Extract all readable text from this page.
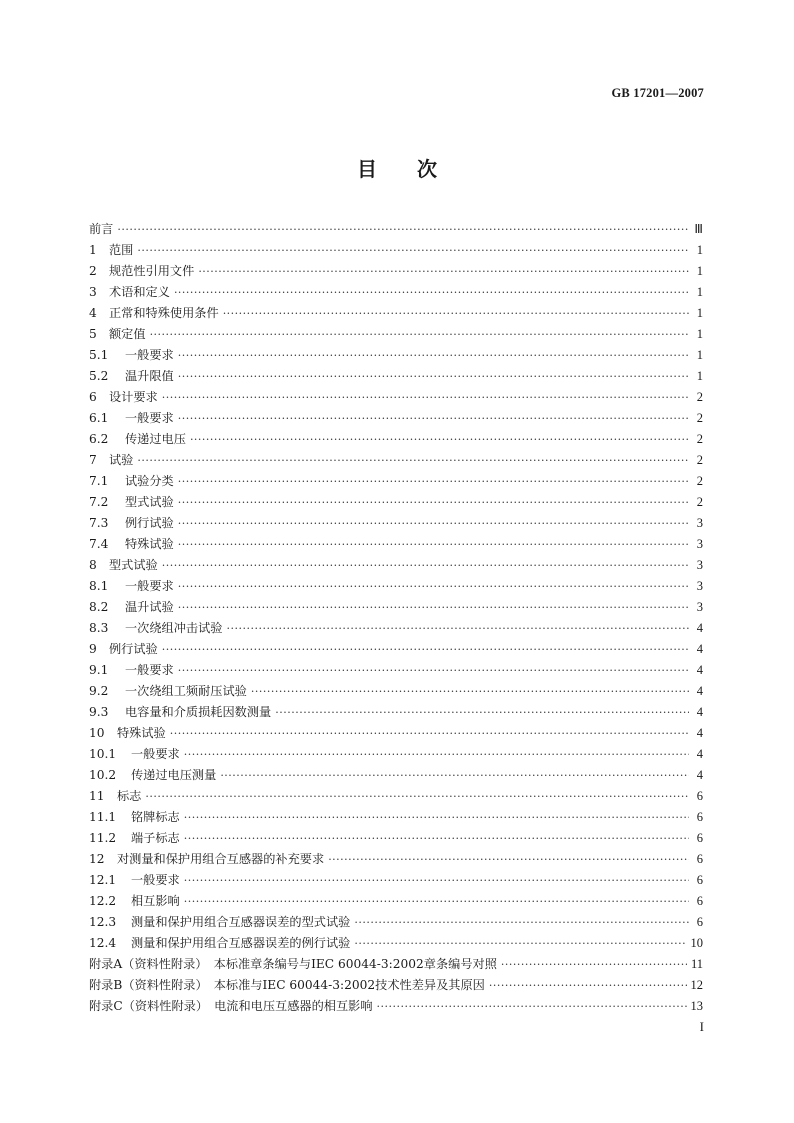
GB 17201—2007
目　　次
前言 ·····	Ⅲ
1	范围 ·····	1
2	规范性引用文件 ·····	1
3	术语和定义 ·····	1
4	正常和特殊使用条件 ·····	1
5	额定值 ·····	1
5.1	一般要求 ·····	1
5.2	温升限值 ·····	1
6	设计要求 ·····	2
6.1	一般要求 ·····	2
6.2	传递过电压 ·····	2
7	试验 ·····	2
7.1	试验分类 ·····	2
7.2	型式试验 ·····	2
7.3	例行试验 ·····	3
7.4	特殊试验 ·····	3
8	型式试验 ·····	3
8.1	一般要求 ·····	3
8.2	温升试验 ·····	3
8.3	一次绕组冲击试验 ·····	4
9	例行试验 ·····	4
9.1	一般要求 ·····	4
9.2	一次绕组工频耐压试验 ·····	4
9.3	电容量和介质损耗因数测量 ·····	4
10	特殊试验 ·····	4
10.1	一般要求 ·····	4
10.2	传递过电压测量 ·····	4
11	标志 ·····	6
11.1	铭牌标志 ·····	6
11.2	端子标志 ·····	6
12	对测量和保护用组合互感器的补充要求 ·····	6
12.1	一般要求 ·····	6
12.2	相互影响 ·····	6
12.3	测量和保护用组合互感器误差的型式试验 ·····	6
12.4	测量和保护用组合互感器误差的例行试验 ·····	10
附录A（资料性附录）　本标准章条编号与IEC 60044-3:2002章条编号对照 ·····	11
附录B（资料性附录）　本标准与IEC 60044-3:2002技术性差异及其原因 ·····	12
附录C（资料性附录）　电流和电压互感器的相互影响 ·····	13
I
